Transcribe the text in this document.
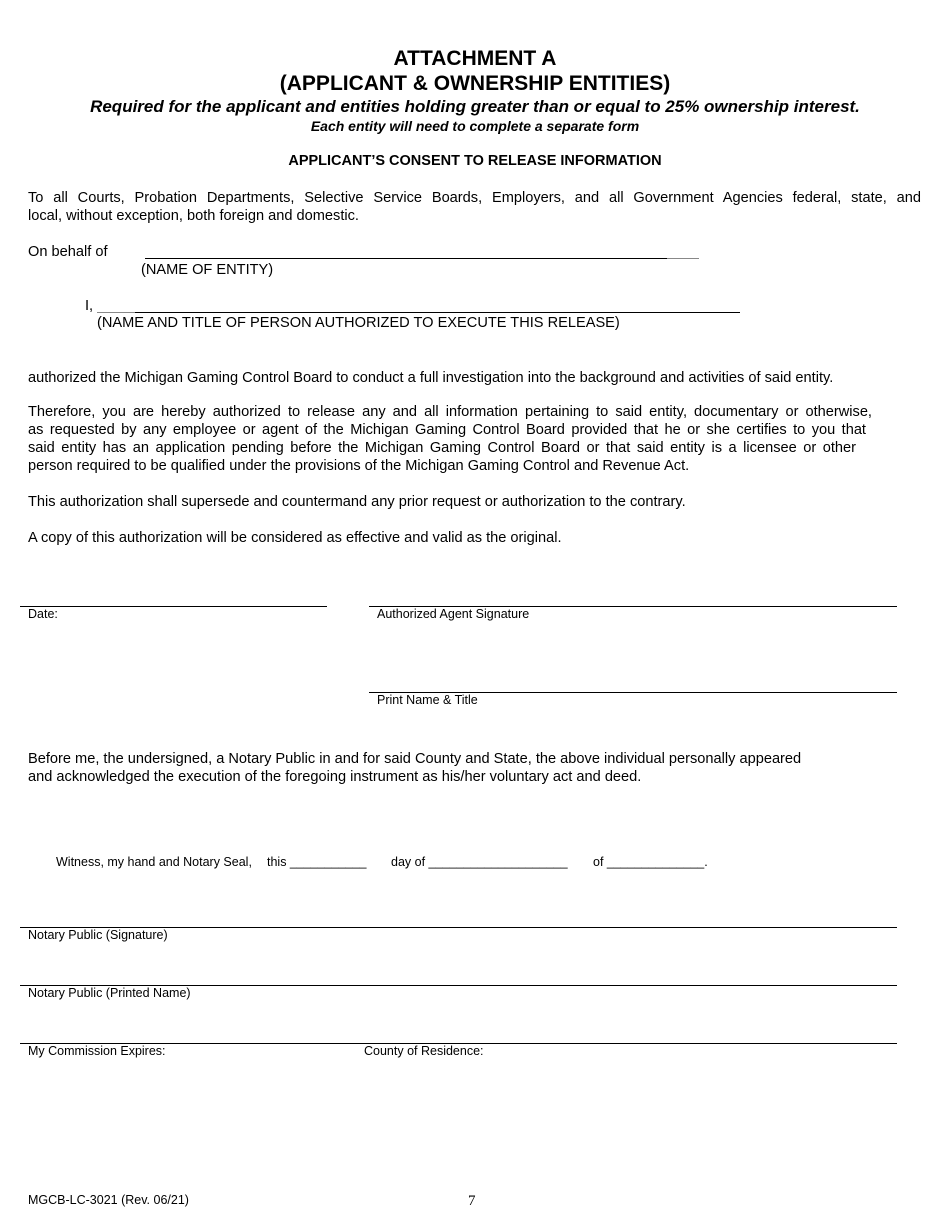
ATTACHMENT A
(APPLICANT & OWNERSHIP ENTITIES)
Required for the applicant and entities holding greater than or equal to 25% ownership interest.
Each entity will need to complete a separate form
APPLICANT’S CONSENT TO RELEASE INFORMATION
To all Courts, Probation Departments, Selective Service Boards, Employers, and all Government Agencies federal, state, and
local, without exception, both foreign and domestic.
On behalf of
(NAME OF ENTITY)
I,
(NAME AND TITLE OF PERSON AUTHORIZED TO EXECUTE THIS RELEASE)
authorized the Michigan Gaming Control Board to conduct a full investigation into the background and activities of said entity.
Therefore, you are hereby authorized to release any and all information pertaining to said entity, documentary or otherwise,
as requested by any employee or agent of the Michigan Gaming Control Board provided that he or she certifies to you that
said entity has an application pending before the Michigan Gaming Control Board or that said entity is a licensee or other
person required to be qualified under the provisions of the Michigan Gaming Control and Revenue Act.
This authorization shall supersede and countermand any prior request or authorization to the contrary.
A copy of this authorization will be considered as effective and valid as the original.
Date:	Authorized Agent Signature
Print Name & Title
Before me, the undersigned, a Notary Public in and for said County and State, the above individual personally appeared
and acknowledged the execution of the foregoing instrument as his/her voluntary act and deed.
Witness, my hand and Notary Seal, this ___________ day of ____________________ of ______________.
Notary Public (Signature)
Notary Public (Printed Name)
My Commission Expires:	County of Residence:
MGCB-LC-3021 (Rev. 06/21)	7
